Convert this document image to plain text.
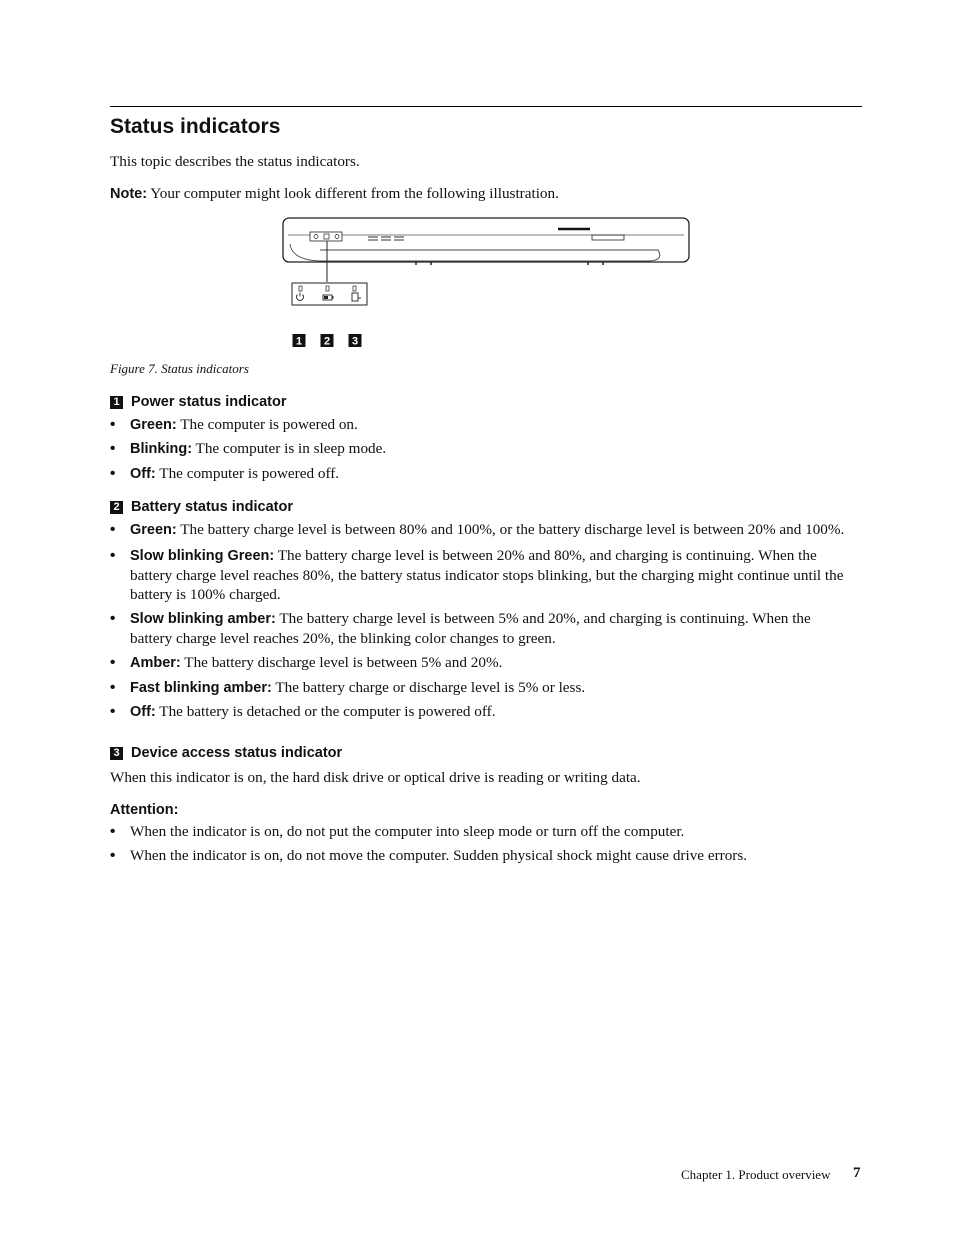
Status indicators
This topic describes the status indicators.
Note: Your computer might look different from the following illustration.
1 2 3
Figure 7. Status indicators
1 Power status indicator
• Green: The computer is powered on.
• Blinking: The computer is in sleep mode.
• Off: The computer is powered off.
2 Battery status indicator
• Green: The battery charge level is between 80% and 100%, or the battery discharge level is between 20% and 100%.
• Slow blinking Green: The battery charge level is between 20% and 80%, and charging is continuing. When the battery charge level reaches 80%, the battery status indicator stops blinking, but the charging might continue until the battery is 100% charged.
• Slow blinking amber: The battery charge level is between 5% and 20%, and charging is continuing. When the battery charge level reaches 20%, the blinking color changes to green.
• Amber: The battery discharge level is between 5% and 20%.
• Fast blinking amber: The battery charge or discharge level is 5% or less.
• Off: The battery is detached or the computer is powered off.
3 Device access status indicator
When this indicator is on, the hard disk drive or optical drive is reading or writing data.
Attention:
• When the indicator is on, do not put the computer into sleep mode or turn off the computer.
• When the indicator is on, do not move the computer. Sudden physical shock might cause drive errors.
Chapter 1. Product overview 7
